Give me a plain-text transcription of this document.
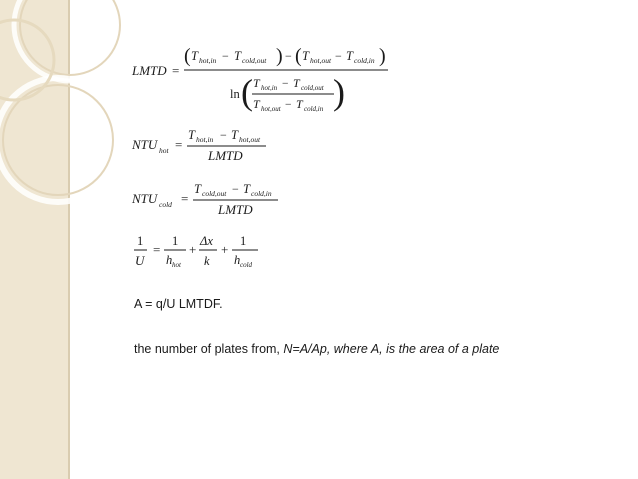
LMTD =
( T hot,in − T cold,out ) − ( T hot,out − T cold,in )
ln ( T hot,in − T cold,out
T hot,out − T cold,in )
NTU hot =
T hot,in − T hot,out
LMTD
NTU cold =
T cold,out − T cold,in
LMTD
1
U
=
1
h hot
+
Δx
k
+
1
h cold
A = q/U LMTDF.
the number of plates from, N=A/Ap, where A, is the area of a plate
